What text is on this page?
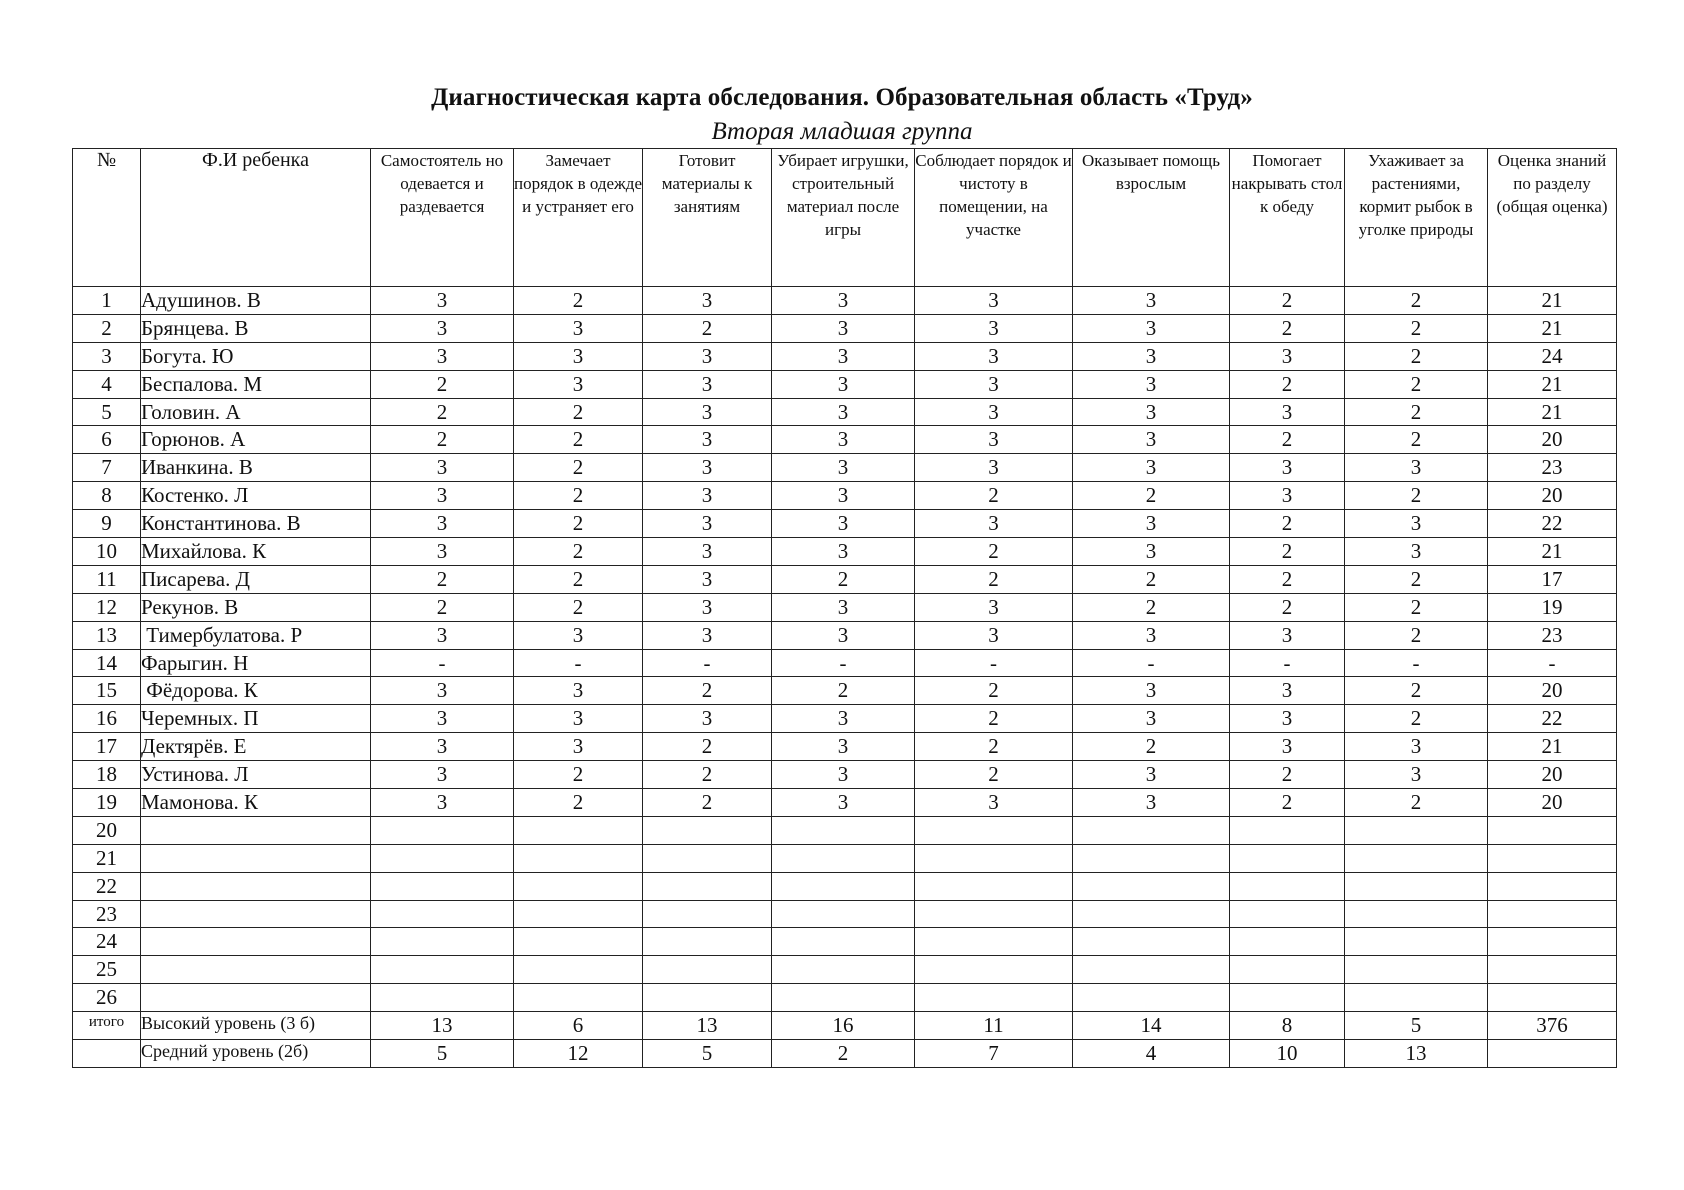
Диагностическая карта обследования. Образовательная область «Труд»
Вторая младшая группа
№	Ф.И ребенка	Самостоятель но одевается и раздевается	Замечает порядок в одежде и устраняет его	Готовит материалы к занятиям	Убирает игрушки, строительный материал после игры	Соблюдает порядок и чистоту в помещении, на участке	Оказывает помощь взрослым	Помогает накрывать стол к обеду	Ухаживает за растениями, кормит рыбок в уголке природы	Оценка знаний по разделу (общая оценка)
1	Адушинов. В	3	2	3	3	3	3	2	2	21
2	Брянцева. В	3	3	2	3	3	3	2	2	21
3	Богута. Ю	3	3	3	3	3	3	3	2	24
4	Беспалова. М	2	3	3	3	3	3	2	2	21
5	Головин. А	2	2	3	3	3	3	3	2	21
6	Горюнов. А	2	2	3	3	3	3	2	2	20
7	Иванкина. В	3	2	3	3	3	3	3	3	23
8	Костенко. Л	3	2	3	3	2	2	3	2	20
9	Константинова. В	3	2	3	3	3	3	2	3	22
10	Михайлова. К	3	2	3	3	2	3	2	3	21
11	Писарева. Д	2	2	3	2	2	2	2	2	17
12	Рекунов. В	2	2	3	3	3	2	2	2	19
13	Тимербулатова. Р	3	3	3	3	3	3	3	2	23
14	Фарыгин. Н	-	-	-	-	-	-	-	-	-
15	Фёдорова. К	3	3	2	2	2	3	3	2	20
16	Черемных. П	3	3	3	3	2	3	3	2	22
17	Дектярёв. Е	3	3	2	3	2	2	3	3	21
18	Устинова. Л	3	2	2	3	2	3	2	3	20
19	Мамонова. К	3	2	2	3	3	3	2	2	20
20										
21										
22										
23										
24										
25										
26										
итого	Высокий уровень (3 б)	13	6	13	16	11	14	8	5	376
	Средний уровень (2б)	5	12	5	2	7	4	10	13	
